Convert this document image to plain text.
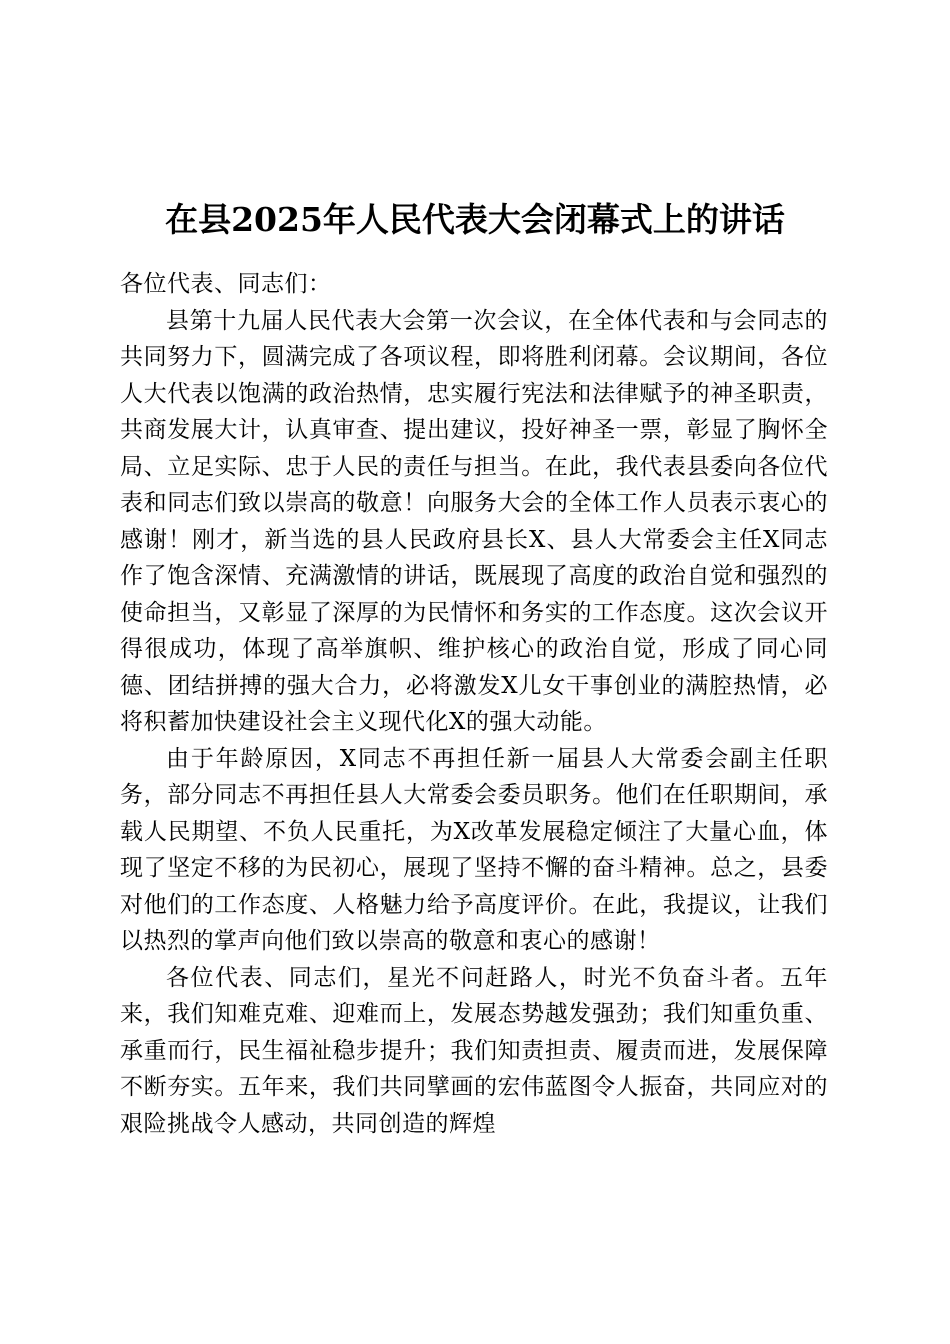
在县2025年人民代表大会闭幕式上的讲话

各位代表、同志们：

县第十九届人民代表大会第一次会议，在全体代表和与会同志的共同努力下，圆满完成了各项议程，即将胜利闭幕。会议期间，各位人大代表以饱满的政治热情，忠实履行宪法和法律赋予的神圣职责，共商发展大计，认真审查、提出建议，投好神圣一票，彰显了胸怀全局、立足实际、忠于人民的责任与担当。在此，我代表县委向各位代表和同志们致以崇高的敬意！向服务大会的全体工作人员表示衷心的感谢！刚才，新当选的县人民政府县长X、县人大常委会主任X同志作了饱含深情、充满激情的讲话，既展现了高度的政治自觉和强烈的使命担当，又彰显了深厚的为民情怀和务实的工作态度。这次会议开得很成功，体现了高举旗帜、维护核心的政治自觉，形成了同心同德、团结拼搏的强大合力，必将激发X儿女干事创业的满腔热情，必将积蓄加快建设社会主义现代化X的强大动能。

由于年龄原因，X同志不再担任新一届县人大常委会副主任职务，部分同志不再担任县人大常委会委员职务。他们在任职期间，承载人民期望、不负人民重托，为X改革发展稳定倾注了大量心血，体现了坚定不移的为民初心，展现了坚持不懈的奋斗精神。总之，县委对他们的工作态度、人格魅力给予高度评价。在此，我提议，让我们以热烈的掌声向他们致以崇高的敬意和衷心的感谢！

各位代表、同志们，星光不问赶路人，时光不负奋斗者。五年来，我们知难克难、迎难而上，发展态势越发强劲；我们知重负重、承重而行，民生福祉稳步提升；我们知责担责、履责而进，发展保障不断夯实。五年来，我们共同擘画的宏伟蓝图令人振奋，共同应对的艰险挑战令人感动，共同创造的辉煌
